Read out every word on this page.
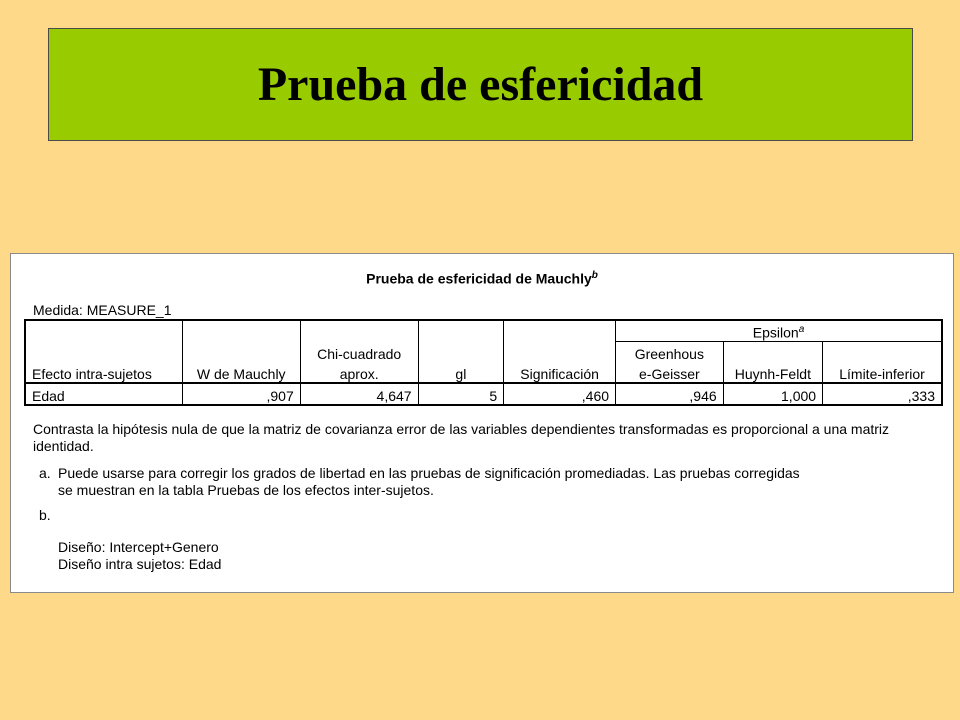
Prueba de esfericidad
Prueba de esfericidad de Mauchly$^b$
Medida: MEASURE_1
					Epsilon$^a$
		Chi-cuadrado			Greenhous		
Efecto intra-sujetos	W de Mauchly	aprox.	gl	Significación	e-Geisser	Huynh-Feldt	Límite-inferior
Edad	,907	4,647	5	,460	,946	1,000	,333

Contrasta la hipótesis nula de que la matriz de covarianza error de las variables dependientes transformadas es proporcional a una matriz identidad.

a. Puede usarse para corregir los grados de libertad en las pruebas de significación promediadas. Las pruebas corregidas
se muestran en la tabla Pruebas de los efectos inter-sujetos.
b.
Diseño: Intercept+Genero
Diseño intra sujetos: Edad
